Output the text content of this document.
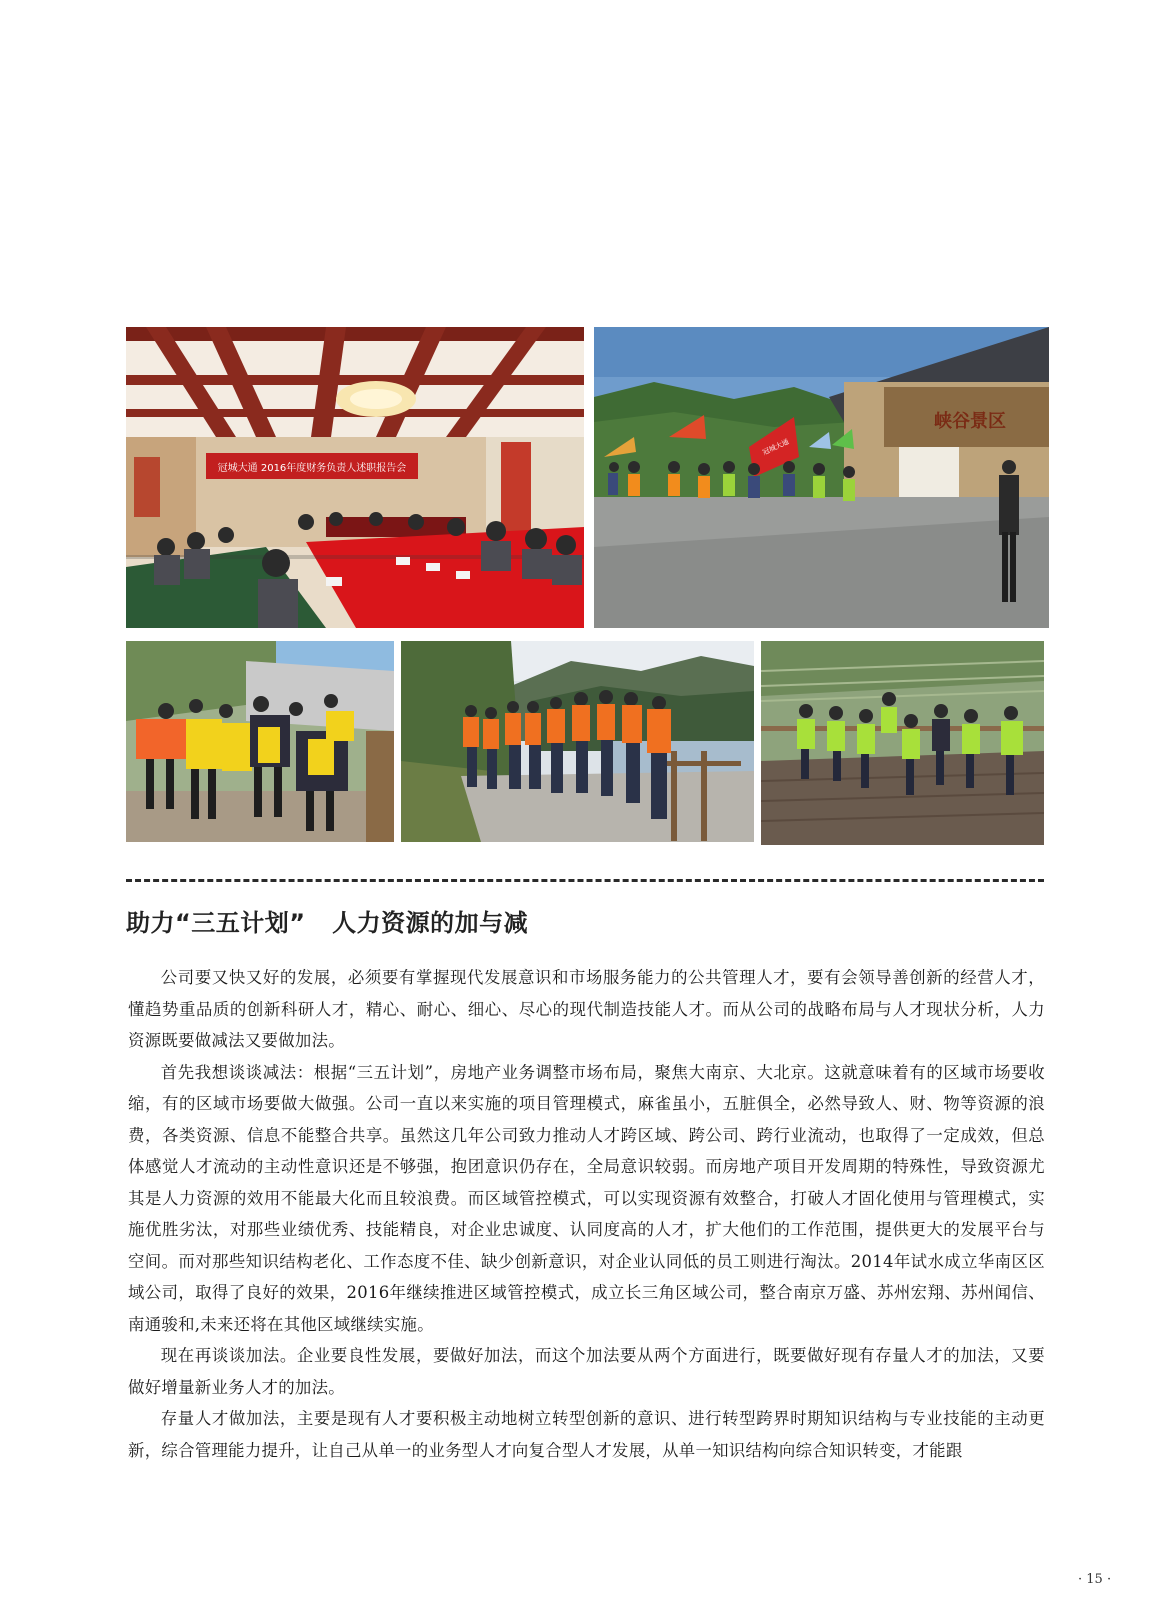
冠城大通 2016年度财务负责人述职报告会
峡谷景区
冠城大通
助力“三五计划”   人力资源的加与减

公司要又快又好的发展，必须要有掌握现代发展意识和市场服务能力的公共管理人才，要有会领导善创新的经营人才，懂趋势重品质的创新科研人才，精心、耐心、细心、尽心的现代制造技能人才。而从公司的战略布局与人才现状分析，人力资源既要做减法又要做加法。

首先我想谈谈减法：根据“三五计划”，房地产业务调整市场布局，聚焦大南京、大北京。这就意味着有的区域市场要收缩，有的区域市场要做大做强。公司一直以来实施的项目管理模式，麻雀虽小，五脏俱全，必然导致人、财、物等资源的浪费，各类资源、信息不能整合共享。虽然这几年公司致力推动人才跨区域、跨公司、跨行业流动，也取得了一定成效，但总体感觉人才流动的主动性意识还是不够强，抱团意识仍存在，全局意识较弱。而房地产项目开发周期的特殊性，导致资源尤其是人力资源的效用不能最大化而且较浪费。而区域管控模式，可以实现资源有效整合，打破人才固化使用与管理模式，实施优胜劣汰，对那些业绩优秀、技能精良，对企业忠诚度、认同度高的人才，扩大他们的工作范围，提供更大的发展平台与空间。而对那些知识结构老化、工作态度不佳、缺少创新意识，对企业认同低的员工则进行淘汰。2014年试水成立华南区区域公司，取得了良好的效果，2016年继续推进区域管控模式，成立长三角区域公司，整合南京万盛、苏州宏翔、苏州闻信、南通骏和,未来还将在其他区域继续实施。

现在再谈谈加法。企业要良性发展，要做好加法，而这个加法要从两个方面进行，既要做好现有存量人才的加法，又要做好增量新业务人才的加法。

存量人才做加法，主要是现有人才要积极主动地树立转型创新的意识、进行转型跨界时期知识结构与专业技能的主动更新，综合管理能力提升，让自己从单一的业务型人才向复合型人才发展，从单一知识结构向综合知识转变，才能跟

· 15 ·
